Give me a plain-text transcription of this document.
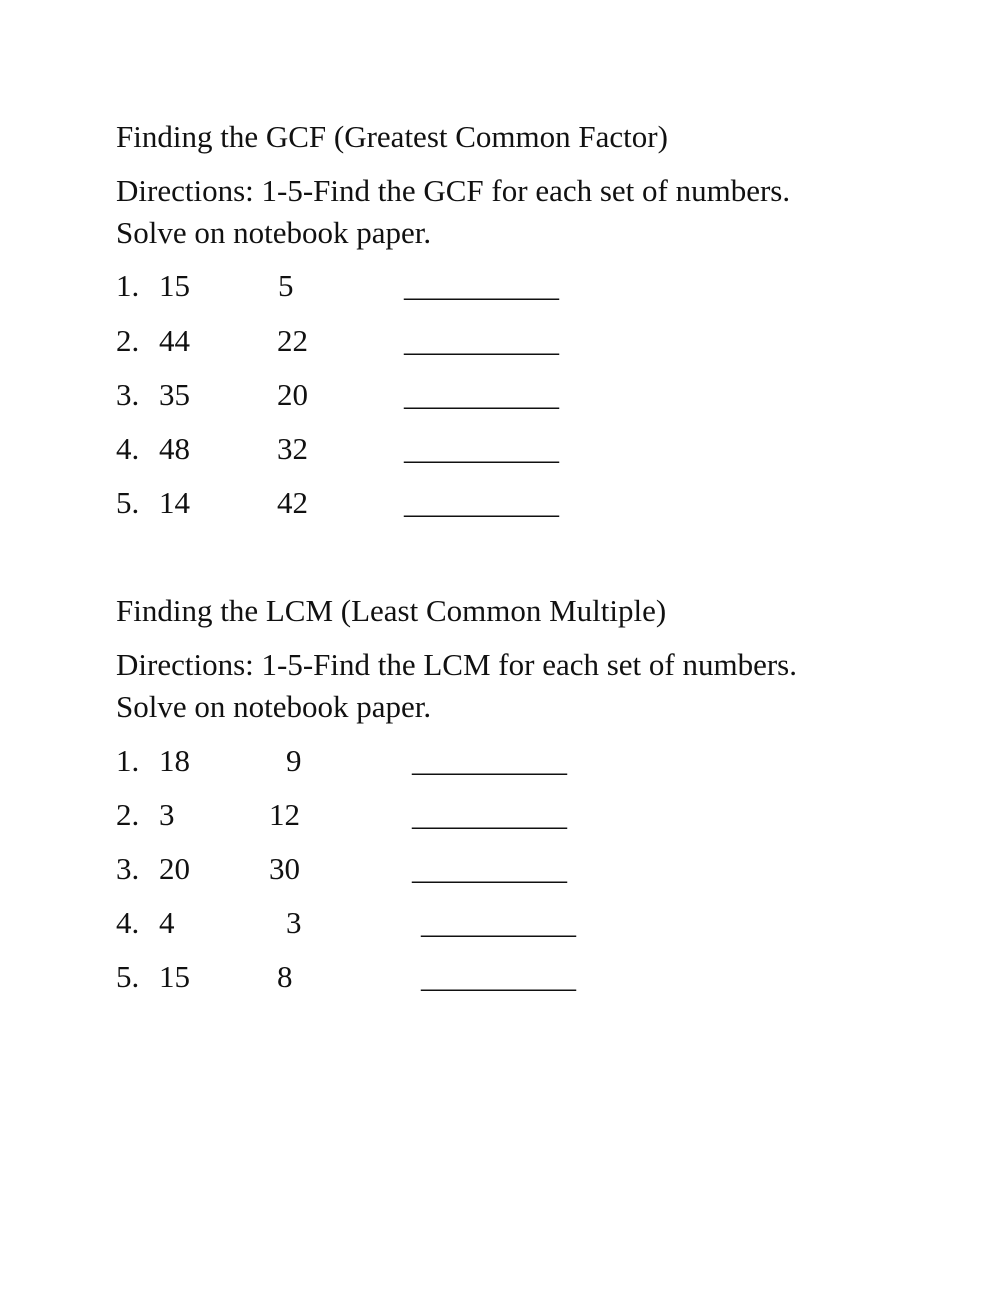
Finding the GCF (Greatest Common Factor)
Directions: 1-5-Find the GCF for each set of numbers.
Solve on notebook paper.
1. 15	5	__________
2. 44	22	__________
3. 35	20	__________
4. 48	32	__________
5. 14	42	__________
Finding the LCM (Least Common Multiple)
Directions: 1-5-Find the LCM for each set of numbers.
Solve on notebook paper.
1. 18	9	__________
2. 3	12	__________
3. 20	30	__________
4. 4	3	__________
5. 15	8	__________
